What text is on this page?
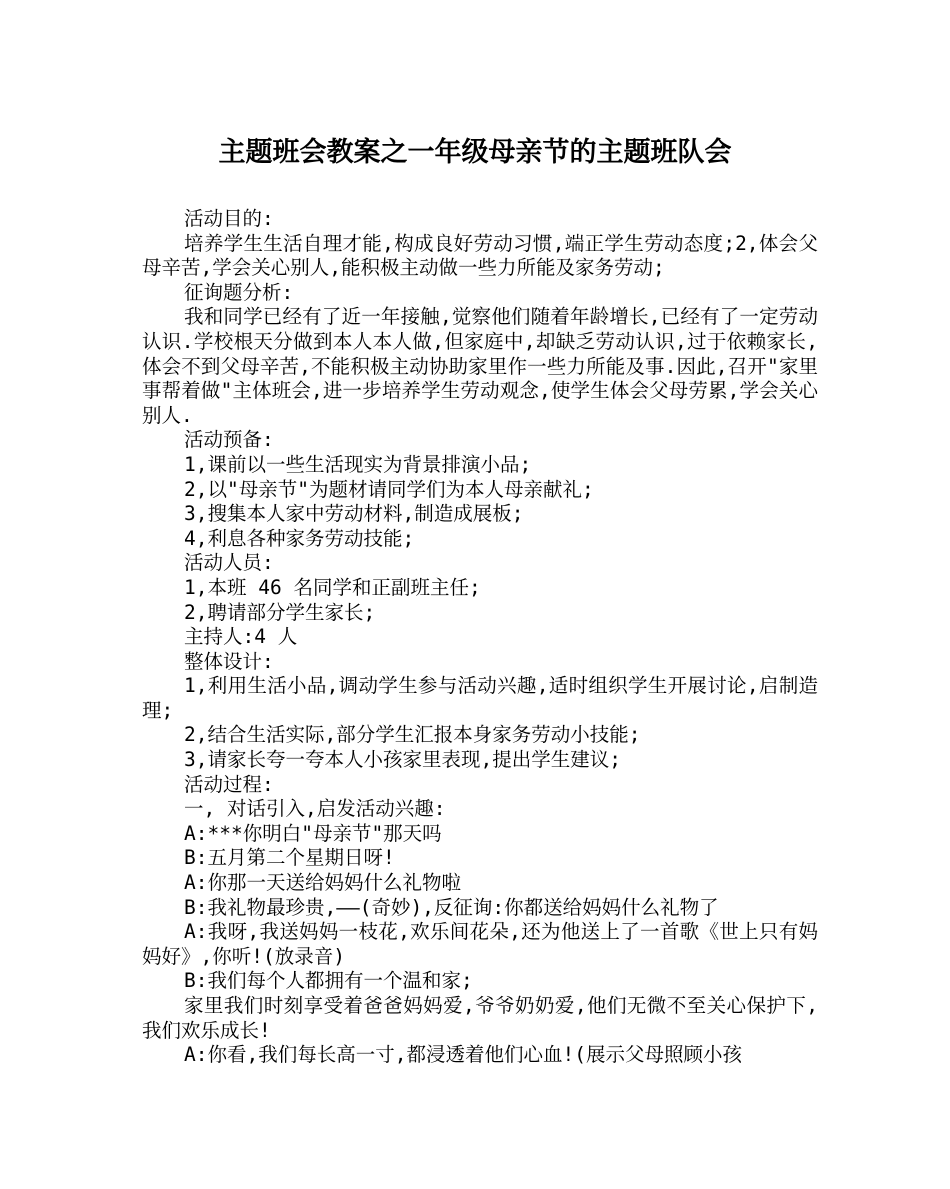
主题班会教案之一年级母亲节的主题班队会

活动目的:

培养学生生活自理才能,构成良好劳动习惯,端正学生劳动态度;2,体会父母辛苦,学会关心别人,能积极主动做一些力所能及家务劳动;

征询题分析:

我和同学已经有了近一年接触,觉察他们随着年龄增长,已经有了一定劳动认识.学校根天分做到本人本人做,但家庭中,却缺乏劳动认识,过于依赖家长,体会不到父母辛苦,不能积极主动协助家里作一些力所能及事.因此,召开"家里事帮着做"主体班会,进一步培养学生劳动观念,使学生体会父母劳累,学会关心别人.

活动预备:

1,课前以一些生活现实为背景排演小品;

2,以"母亲节"为题材请同学们为本人母亲献礼;

3,搜集本人家中劳动材料,制造成展板;

4,利息各种家务劳动技能;

活动人员:

1,本班 46 名同学和正副班主任;

2,聘请部分学生家长;

主持人:4 人

整体设计:

1,利用生活小品,调动学生参与活动兴趣,适时组织学生开展讨论,启制造理;

2,结合生活实际,部分学生汇报本身家务劳动小技能;

3,请家长夸一夸本人小孩家里表现,提出学生建议;

活动过程:

一, 对话引入,启发活动兴趣:

A:***你明白"母亲节"那天吗

B:五月第二个星期日呀!

A:你那一天送给妈妈什么礼物啦

B:我礼物最珍贵,——(奇妙),反征询:你都送给妈妈什么礼物了

A:我呀,我送妈妈一枝花,欢乐间花朵,还为他送上了一首歌《世上只有妈妈好》,你听!(放录音)

B:我们每个人都拥有一个温和家;

家里我们时刻享受着爸爸妈妈爱,爷爷奶奶爱,他们无微不至关心保护下,我们欢乐成长!

A:你看,我们每长高一寸,都浸透着他们心血!(展示父母照顾小孩
